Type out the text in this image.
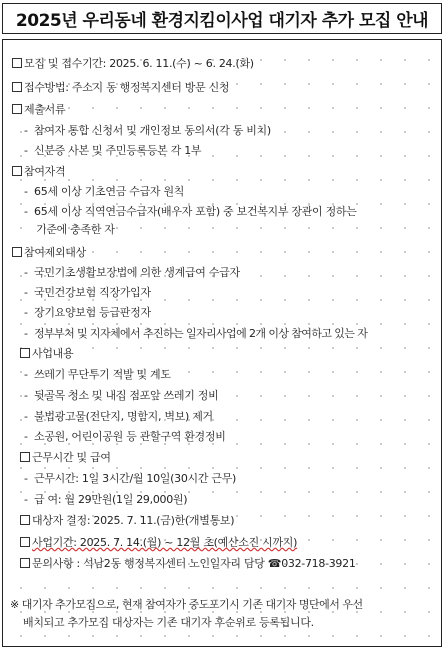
2025년 우리동네 환경지킴이사업 대기자 추가 모집 안내
모집 및 접수기간: 2025. 6. 11.(수) ~ 6. 24.(화)
접수방법: 주소지 동 행정복지센터 방문 신청
제출서류
- 참여자 통합 신청서 및 개인정보 동의서(각 동 비치)
- 신분증 사본 및 주민등록등본 각 1부
참여자격
- 65세 이상 기초연금 수급자 원칙
- 65세 이상 직역연금수급자(배우자 포함) 중 보건복지부 장관이 정하는
기준에 충족한 자
참여제외대상
- 국민기초생활보장법에 의한 생계급여 수급자
- 국민건강보험 직장가입자
- 장기요양보험 등급판정자
- 정부부처 및 지자체에서 추진하는 일자리사업에 2개 이상 참여하고 있는 자
사업내용
- 쓰레기 무단투기 적발 및 계도
- 뒷골목 청소 및 내집 점포앞 쓰레기 정비
- 불법광고물(전단지, 명함지, 벽보) 제거
- 소공원, 어린이공원 등 관할구역 환경정비
근무시간 및 급여
- 근무시간: 1일 3시간/월 10일(30시간 근무)
- 급 여: 월 29만원(1일 29,000원)
대상자 결정: 2025. 7. 11.(금)한(개별통보)
사업기간: 2025. 7. 14.(월) ~ 12월 초(예산소진 시까지)
문의사항 : 석남2동 행정복지센터 노인일자리 담당 ☎032-718-3921
※ 대기자 추가모집으로, 현재 참여자가 중도포기시 기존 대기자 명단에서 우선
배치되고 추가모집 대상자는 기존 대기자 후순위로 등록됩니다.
